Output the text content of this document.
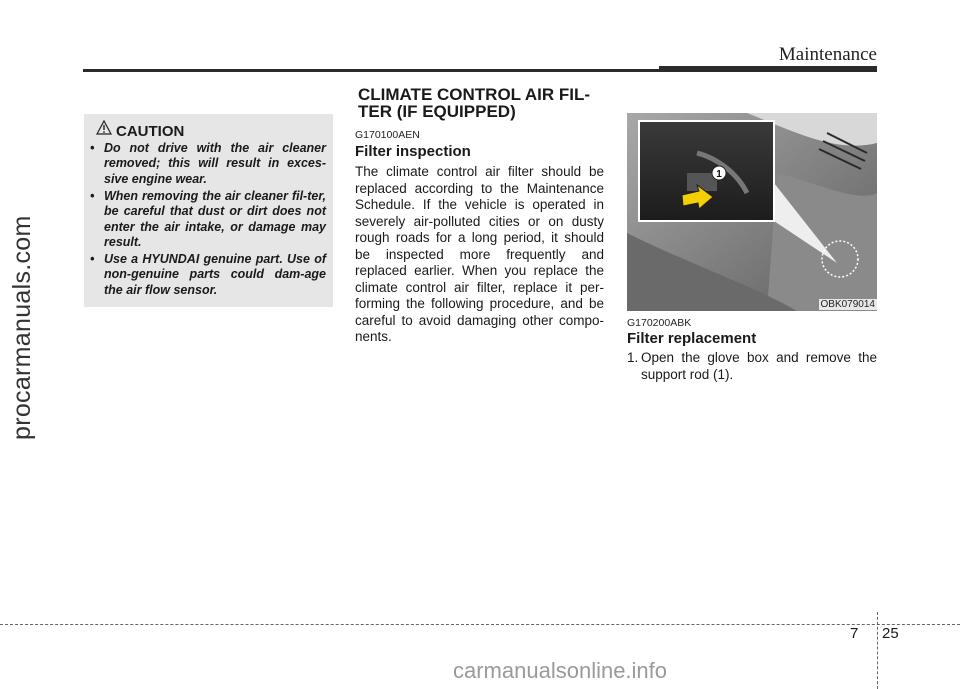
Maintenance
procarmanuals.com
CLIMATE CONTROL AIR FIL-
TER (IF EQUIPPED)
CAUTION
• Do not drive with the air cleaner removed; this will result in exces-sive engine wear.
• When removing the air cleaner fil-ter, be careful that dust or dirt does not enter the air intake, or damage may result.
• Use a HYUNDAI genuine part. Use of non-genuine parts could dam-age the air flow sensor.
G170100AEN
Filter inspection
The climate control air filter should be replaced according to the Maintenance Schedule. If the vehicle is operated in severely air-polluted cities or on dusty rough roads for a long period, it should be inspected more frequently and replaced earlier. When you replace the climate control air filter, replace it per-forming the following procedure, and be careful to avoid damaging other compo-nents.
1
OBK079014
G170200ABK
Filter replacement
1. Open the glove box and remove the support rod (1).
7 25
carmanualsonline.info
